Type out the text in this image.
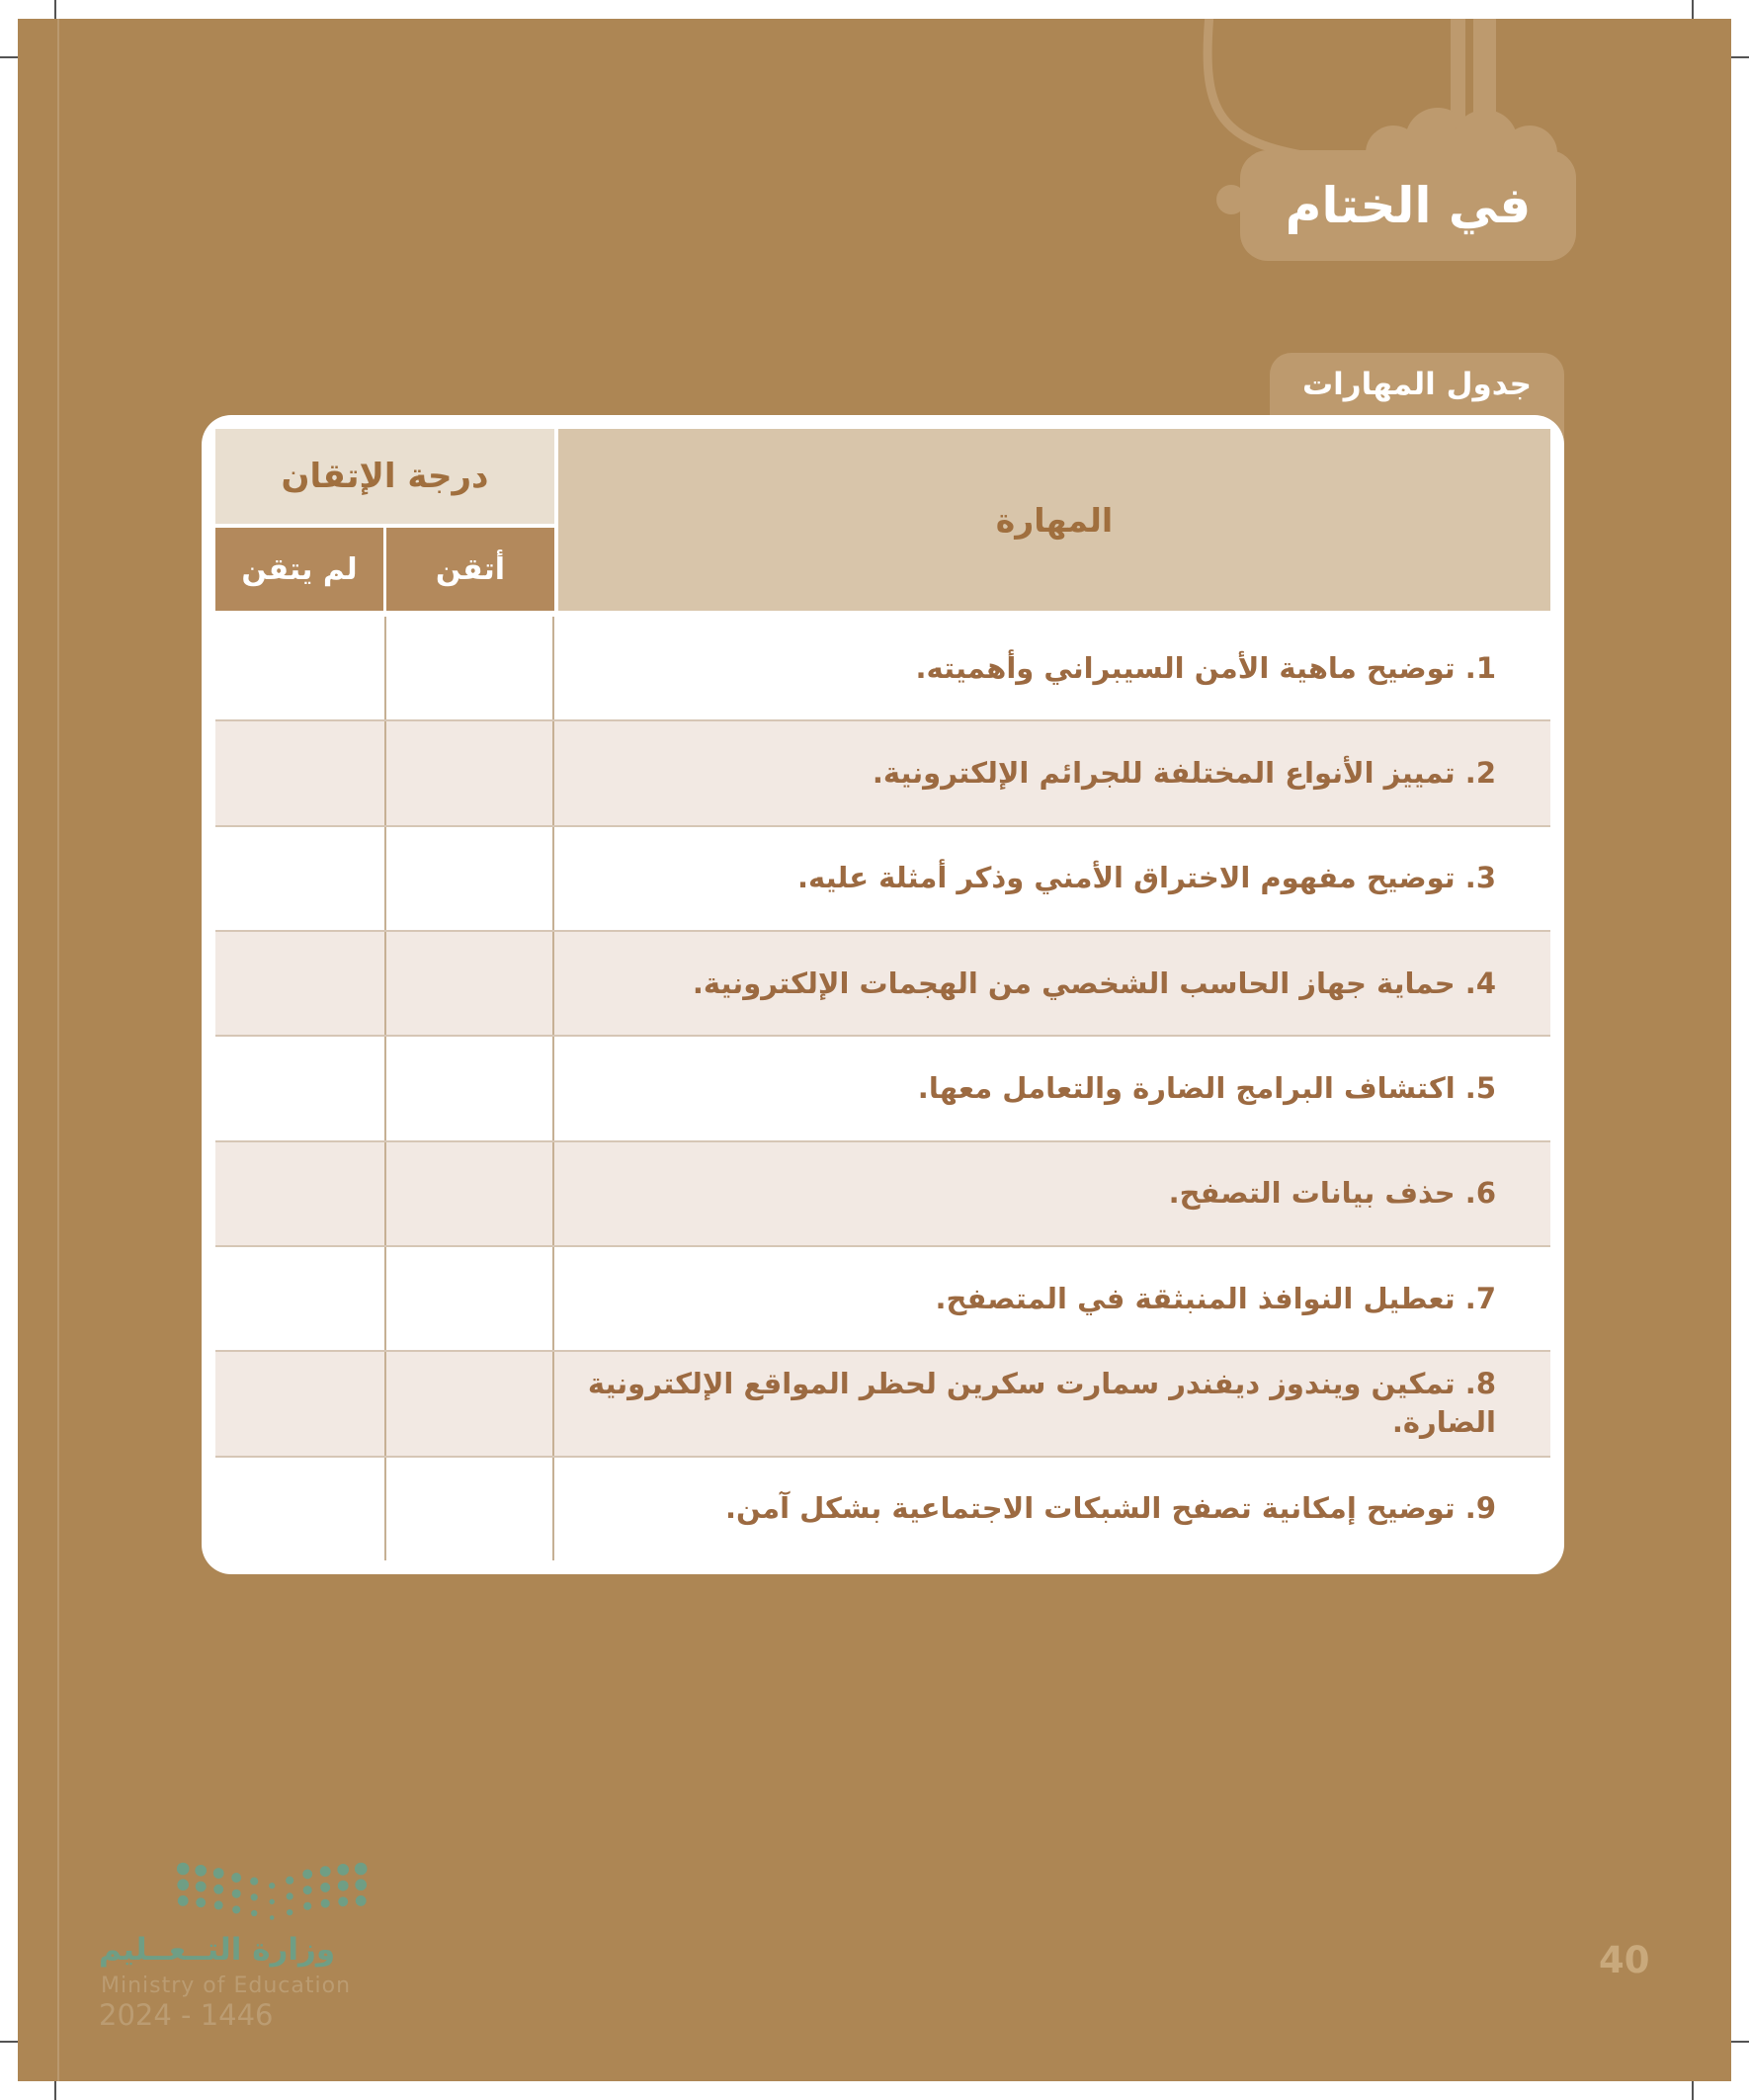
في الختام
جدول المهارات
المهارة
درجة الإتقان
لم يتقن	أتقن
1. توضيح ماهية الأمن السيبراني وأهميته.
2. تمييز الأنواع المختلفة للجرائم الإلكترونية.
3. توضيح مفهوم الاختراق الأمني وذكر أمثلة عليه.
4. حماية جهاز الحاسب الشخصي من الهجمات الإلكترونية.
5. اكتشاف البرامج الضارة والتعامل معها.
6. حذف بيانات التصفح.
7. تعطيل النوافذ المنبثقة في المتصفح.
8. تمكين ويندوز ديفندر سمارت سكرين لحظر المواقع الإلكترونية الضارة.
9. توضيح إمكانية تصفح الشبكات الاجتماعية بشكل آمن.
وزارة التــعــليم
Ministry of Education
2024 - 1446
40
